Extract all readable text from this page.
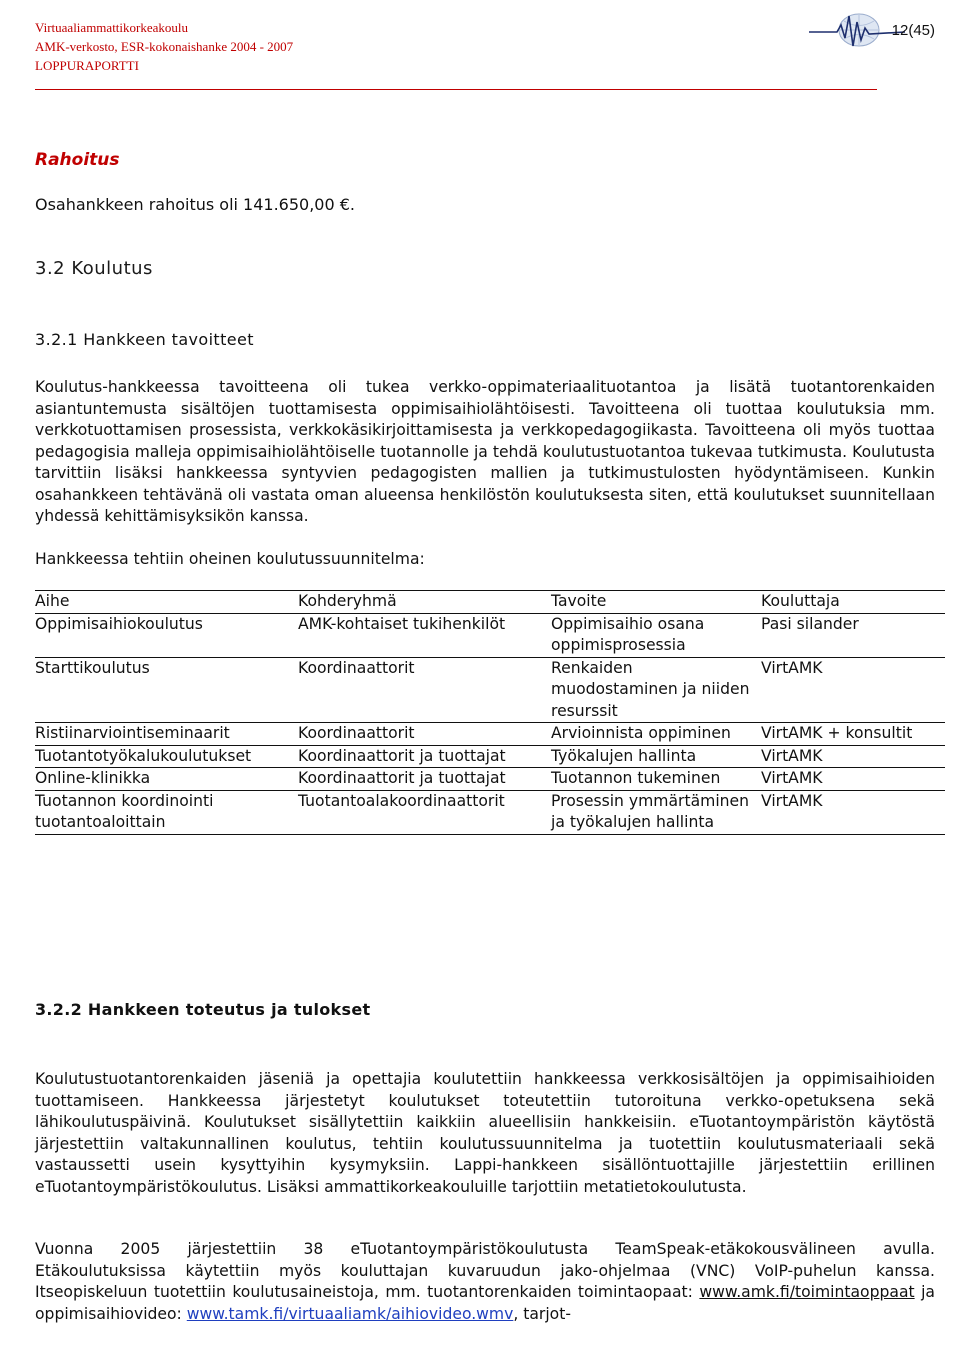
Virtuaaliammattikorkeakoulu
AMK-verkosto, ESR-kokonaishanke 2004 - 2007
LOPPURAPORTTI
12(45)
Rahoitus
Osahankkeen rahoitus oli 141.650,00 €.
3.2 Koulutus
3.2.1 Hankkeen tavoitteet
Koulutus-hankkeessa tavoitteena oli tukea verkko-oppimateriaalituotantoa ja lisätä tuotantorenkaiden asiantuntemusta sisältöjen tuottamisesta oppimisaihiolähtöisesti. Tavoitteena oli tuottaa koulutuksia mm. verkkotuottamisen prosessista, verkkokäsikirjoittamisesta ja verkkopedagogiikasta. Tavoitteena oli myös tuottaa pedagogisia malleja oppimisaihiolähtöiselle tuotannolle ja tehdä koulutustuotantoa tukevaa tutkimusta. Koulutusta tarvittiin lisäksi hankkeessa syntyvien pedagogisten mallien ja tutkimustulosten hyödyntämiseen. Kunkin osahankkeen tehtävänä oli vastata oman alueensa henkilöstön koulutuksesta siten, että koulutukset suunnitellaan yhdessä kehittämisyksikön kanssa.
Hankkeessa tehtiin oheinen koulutussuunnitelma:
Aihe	Kohderyhmä	Tavoite	Kouluttaja
Oppimisaihiokoulutus	AMK-kohtaiset tukihenkilöt	Oppimisaihio osana oppimisprosessia	Pasi silander
Starttikoulutus	Koordinaattorit	Renkaiden muodostaminen ja niiden resurssit	VirtAMK
Ristiinarviointiseminaarit	Koordinaattorit	Arvioinnista oppiminen	VirtAMK + konsultit
Tuotantotyökalukoulutukset	Koordinaattorit ja tuottajat	Työkalujen hallinta	VirtAMK
Online-klinikka	Koordinaattorit ja tuottajat	Tuotannon tukeminen	VirtAMK
Tuotannon koordinointi tuotantoaloittain	Tuotantoalakoordinaattorit	Prosessin ymmärtäminen ja työkalujen hallinta	VirtAMK
3.2.2 Hankkeen toteutus ja tulokset
Koulutustuotantorenkaiden jäseniä ja opettajia koulutettiin hankkeessa verkkosisältöjen ja oppimisaihioiden tuottamiseen. Hankkeessa järjestetyt koulutukset toteutettiin tutoroituna verkko-opetuksena sekä lähikoulutuspäivinä. Koulutukset sisällytettiin kaikkiin alueellisiin hankkeisiin. eTuotantoympäristön käytöstä järjestettiin valtakunnallinen koulutus, tehtiin koulutussuunnitelma ja tuotettiin koulutusmateriaali sekä vastaussetti usein kysyttyihin kysymyksiin. Lappi-hankkeen sisällöntuottajille järjestettiin erillinen eTuotantoympäristökoulutus. Lisäksi ammattikorkeakouluille tarjottiin metatietokoulutusta.
Vuonna 2005 järjestettiin 38 eTuotantoympäristökoulutusta TeamSpeak-etäkokousvälineen avulla. Etäkoulutuksissa käytettiin myös kouluttajan kuvaruudun jako-ohjelmaa (VNC) VoIP-puhelun kanssa. Itseopiskeluun tuotettiin koulutusaineistoja, mm. tuotantorenkaiden toimintaopaat: www.amk.fi/toimintaoppaat ja oppimisaihiovideo: www.tamk.fi/virtuaaliamk/aihiovideo.wmv, tarjot-
